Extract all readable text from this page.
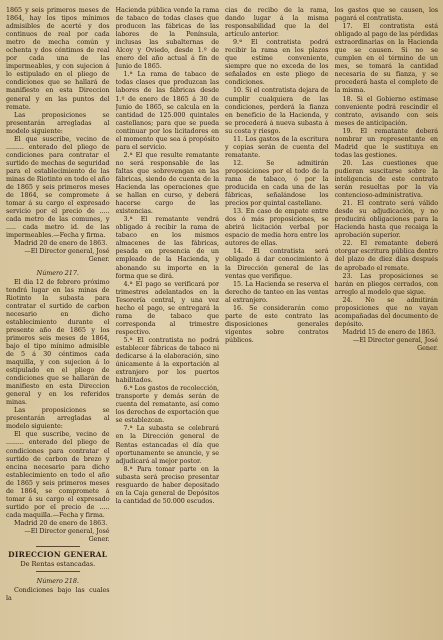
1865 y seis primeros meses de 1864, hay los tipos mínimos admisibles de acerté y dos continuos de real por cada metro de mecha común y ochenta y dos céntimos de real por cada una de las impermeables, y con sujecion á lo estipulado en el pliego de condiciones que se hallará de manifiesto en esta Direccion general y en las puntos del remate.

Las proposiciones se presentarán arregladas al modelo siguiente:

El que suscribe, vecino de ......... enterado del pliego de condiciones para contratar el surtido de mechas de seguridad para el establecimiento de las minas de Riotinto en todo el año de 1865 y seis primeros meses de 1864, se compromete á tomar á su cargo el expresado servicio por el precio de ..... cada metro de las comunes, y ..... cada metro id. de las impermeables.—Fecha y firma.

Madrid 20 de enero de 1863.

—El Director general, José Gener.

Número 217.

El dia 12 de febrero próximo tendrá lugar en las minas de Riotinto la subasta para contratar el surtido de carbon necesario en dicho establecimiento durante el presente año de 1865 y los primeros seis meses de 1864, bajo el tipo mínimo admisible de 5 á 30 céntimos cada maquilla, y con sujecion á lo estipulado en el pliego de condiciones que se hallarán de manifiesto en esta Direccion general y en los referidos minas.

Las proposiciones se presentarán arregladas al modelo siguiente:

El que suscribe, vecino de ......... enterado del pliego de condiciones para contratar el surtido de carbon de brezo y encina necesario para dicho establecimiento en todo el año de 1865 y seis primeros meses de 1864, se compromete á tomar á su cargo el expresado surtido por el precio de ..... cada maquilla.—Fecha y firma.

Madrid 20 de enero de 1863.

—El Director general, José Gener.

DIRECCION GENERAL

De Rentas estancadas.

Número 218.

Condiciones bajo las cuales la

Hacienda pública vende la rama de tabaco de todas clases que producen las fábricas de las labores de la Península, inclusas las subalternas de Alcoy y Oviedo, desde 1.º de enero del año actual á fin de Junio de 1865.

1.ª La rama de tabaco de todas clases que produzcan las labores de las fábricas desde 1.º de enero de 1865 á 30 de Junio de 1865, se calcula en la cantidad de 125.000 quintales castellanos; para que se pueda continuar por los licitadores en el momento que sea á propósito para el servicio.

2.ª El que resulte rematante no será responsable de las faltas que sobrevengan en las fábricas, siendo de cuenta de la Hacienda las operaciones que se hallan en curso, y deberá hacerse cargo de las existencias.

3.ª El rematante vendrá obligado á recibir la rama de tabaco en los mismos almacenes de las fábricas, pesada en presencia de un empleado de la Hacienda, y abonando su importe en la forma que se dirá.

4.ª El pago se verificará por trimestres adelantados en la Tesorería central, y una vez hecho el pago, se entregará la rama de tabaco que corresponda al trimestre respectivo.

5.ª El contratista no podrá establecer fábricas de tabaco ni dedicarse á la elaboración, sino únicamente á la exportación al extranjero por los puertos habilitados.

6.ª Los gastos de recolección, transporte y demás serán de cuenta del rematante, así como los derechos de exportación que se establezcan.

7.ª La subasta se celebrará en la Dirección general de Rentas estancadas el día que oportunamente se anuncie, y se adjudicará al mejor postor.

8.ª Para tomar parte en la subasta será preciso presentar resguardo de haber depositado en la Caja general de Depósitos la cantidad de 50.000 escudos.

cias de recibo de la rama, dando lugar á la misma responsabilidad que la del artículo anterior.

9.ª El contratista podrá recibir la rama en los plazos que estime conveniente, siempre que no exceda de los señalados en este pliego de condiciones.

10. Si el contratista dejara de cumplir cualquiera de las condiciones, perderá la fianza en beneficio de la Hacienda, y se procederá á nueva subasta á su costa y riesgo.

11. Los gastos de la escritura y copias serán de cuenta del rematante.

12. Se admitirán proposiciones por el todo de la rama de tabaco, ó por la producida en cada una de las fábricas, señalándose los precios por quintal castellano.

13. En caso de empate entre dos ó más proposiciones, se abrirá licitación verbal por espacio de media hora entre los autores de ellas.

14. El contratista será obligado á dar conocimiento á la Dirección general de las ventas que verifique.

15. La Hacienda se reserva el derecho de tanteo en las ventas al extranjero.

16. Se considerarán como parte de este contrato las disposiciones generales vigentes sobre contratos públicos.

los gastos que se causen, los pagará el contratista.

17. El contratista está obligado al pago de las pérdidas extraordinarias en la Hacienda que se causen. Si no se cumplen en el término de un mes, se tomará la cantidad necesaria de su fianza, y se procederá hasta el completo de la misma.

18. Si el Gobierno estimase conveniente podrá rescindir el contrato, avisando con seis meses de anticipación.

19. El rematante deberá nombrar un representante en Madrid que le sustituya en todas las gestiones.

20. Las cuestiones que pudieran suscitarse sobre la inteligencia de este contrato serán resueltas por la vía contencioso-administrativa.

21. El contrato será válido desde su adjudicación, y no producirá obligaciones para la Hacienda hasta que recaiga la aprobación superior.

22. El rematante deberá otorgar escritura pública dentro del plazo de diez días después de aprobado el remate.

23. Las proposiciones se harán en pliegos cerrados, con arreglo al modelo que sigue.

24. No se admitirán proposiciones que no vayan acompañadas del documento de depósito.

Madrid 15 de enero de 1863.

—El Director general, José Gener.
